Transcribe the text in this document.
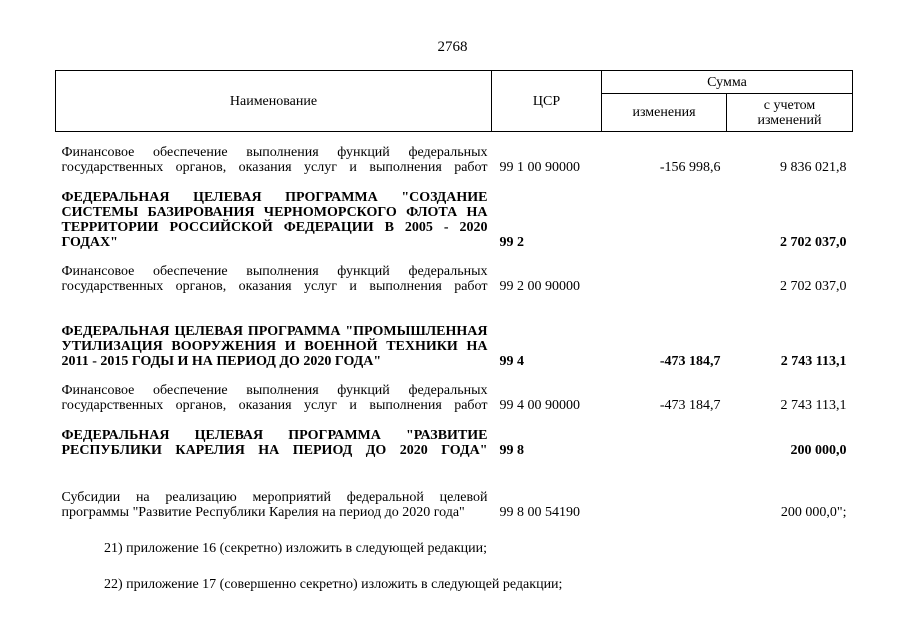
2768
Наименование	ЦСР	Сумма	
		изменения	с учетом
изменений
Финансовое обеспечение выполнения функций федеральных государственных органов, оказания услуг и выполнения работ	99 1 00 90000	-156 998,6	9 836 021,8
ФЕДЕРАЛЬНАЯ ЦЕЛЕВАЯ ПРОГРАММА "СОЗДАНИЕ СИСТЕМЫ БАЗИРОВАНИЯ ЧЕРНОМОРСКОГО ФЛОТА НА ТЕРРИТОРИИ РОССИЙСКОЙ ФЕДЕРАЦИИ В 2005 - 2020 ГОДАХ"	99 2		2 702 037,0
Финансовое обеспечение выполнения функций федеральных государственных органов, оказания услуг и выполнения работ	99 2 00 90000		2 702 037,0
ФЕДЕРАЛЬНАЯ ЦЕЛЕВАЯ ПРОГРАММА "ПРОМЫШЛЕННАЯ УТИЛИЗАЦИЯ ВООРУЖЕНИЯ И ВОЕННОЙ ТЕХНИКИ НА 2011 - 2015 ГОДЫ И НА ПЕРИОД ДО 2020 ГОДА"	99 4	-473 184,7	2 743 113,1
Финансовое обеспечение выполнения функций федеральных государственных органов, оказания услуг и выполнения работ	99 4 00 90000	-473 184,7	2 743 113,1
ФЕДЕРАЛЬНАЯ ЦЕЛЕВАЯ ПРОГРАММА "РАЗВИТИЕ РЕСПУБЛИКИ КАРЕЛИЯ НА ПЕРИОД ДО 2020 ГОДА"	99 8		200 000,0
Субсидии на реализацию мероприятий федеральной целевой программы "Развитие Республики Карелия на период до 2020 года"	99 8 00 54190		200 000,0";
21) приложение 16 (секретно) изложить в следующей редакции;
22) приложение 17 (совершенно секретно) изложить в следующей редакции;
